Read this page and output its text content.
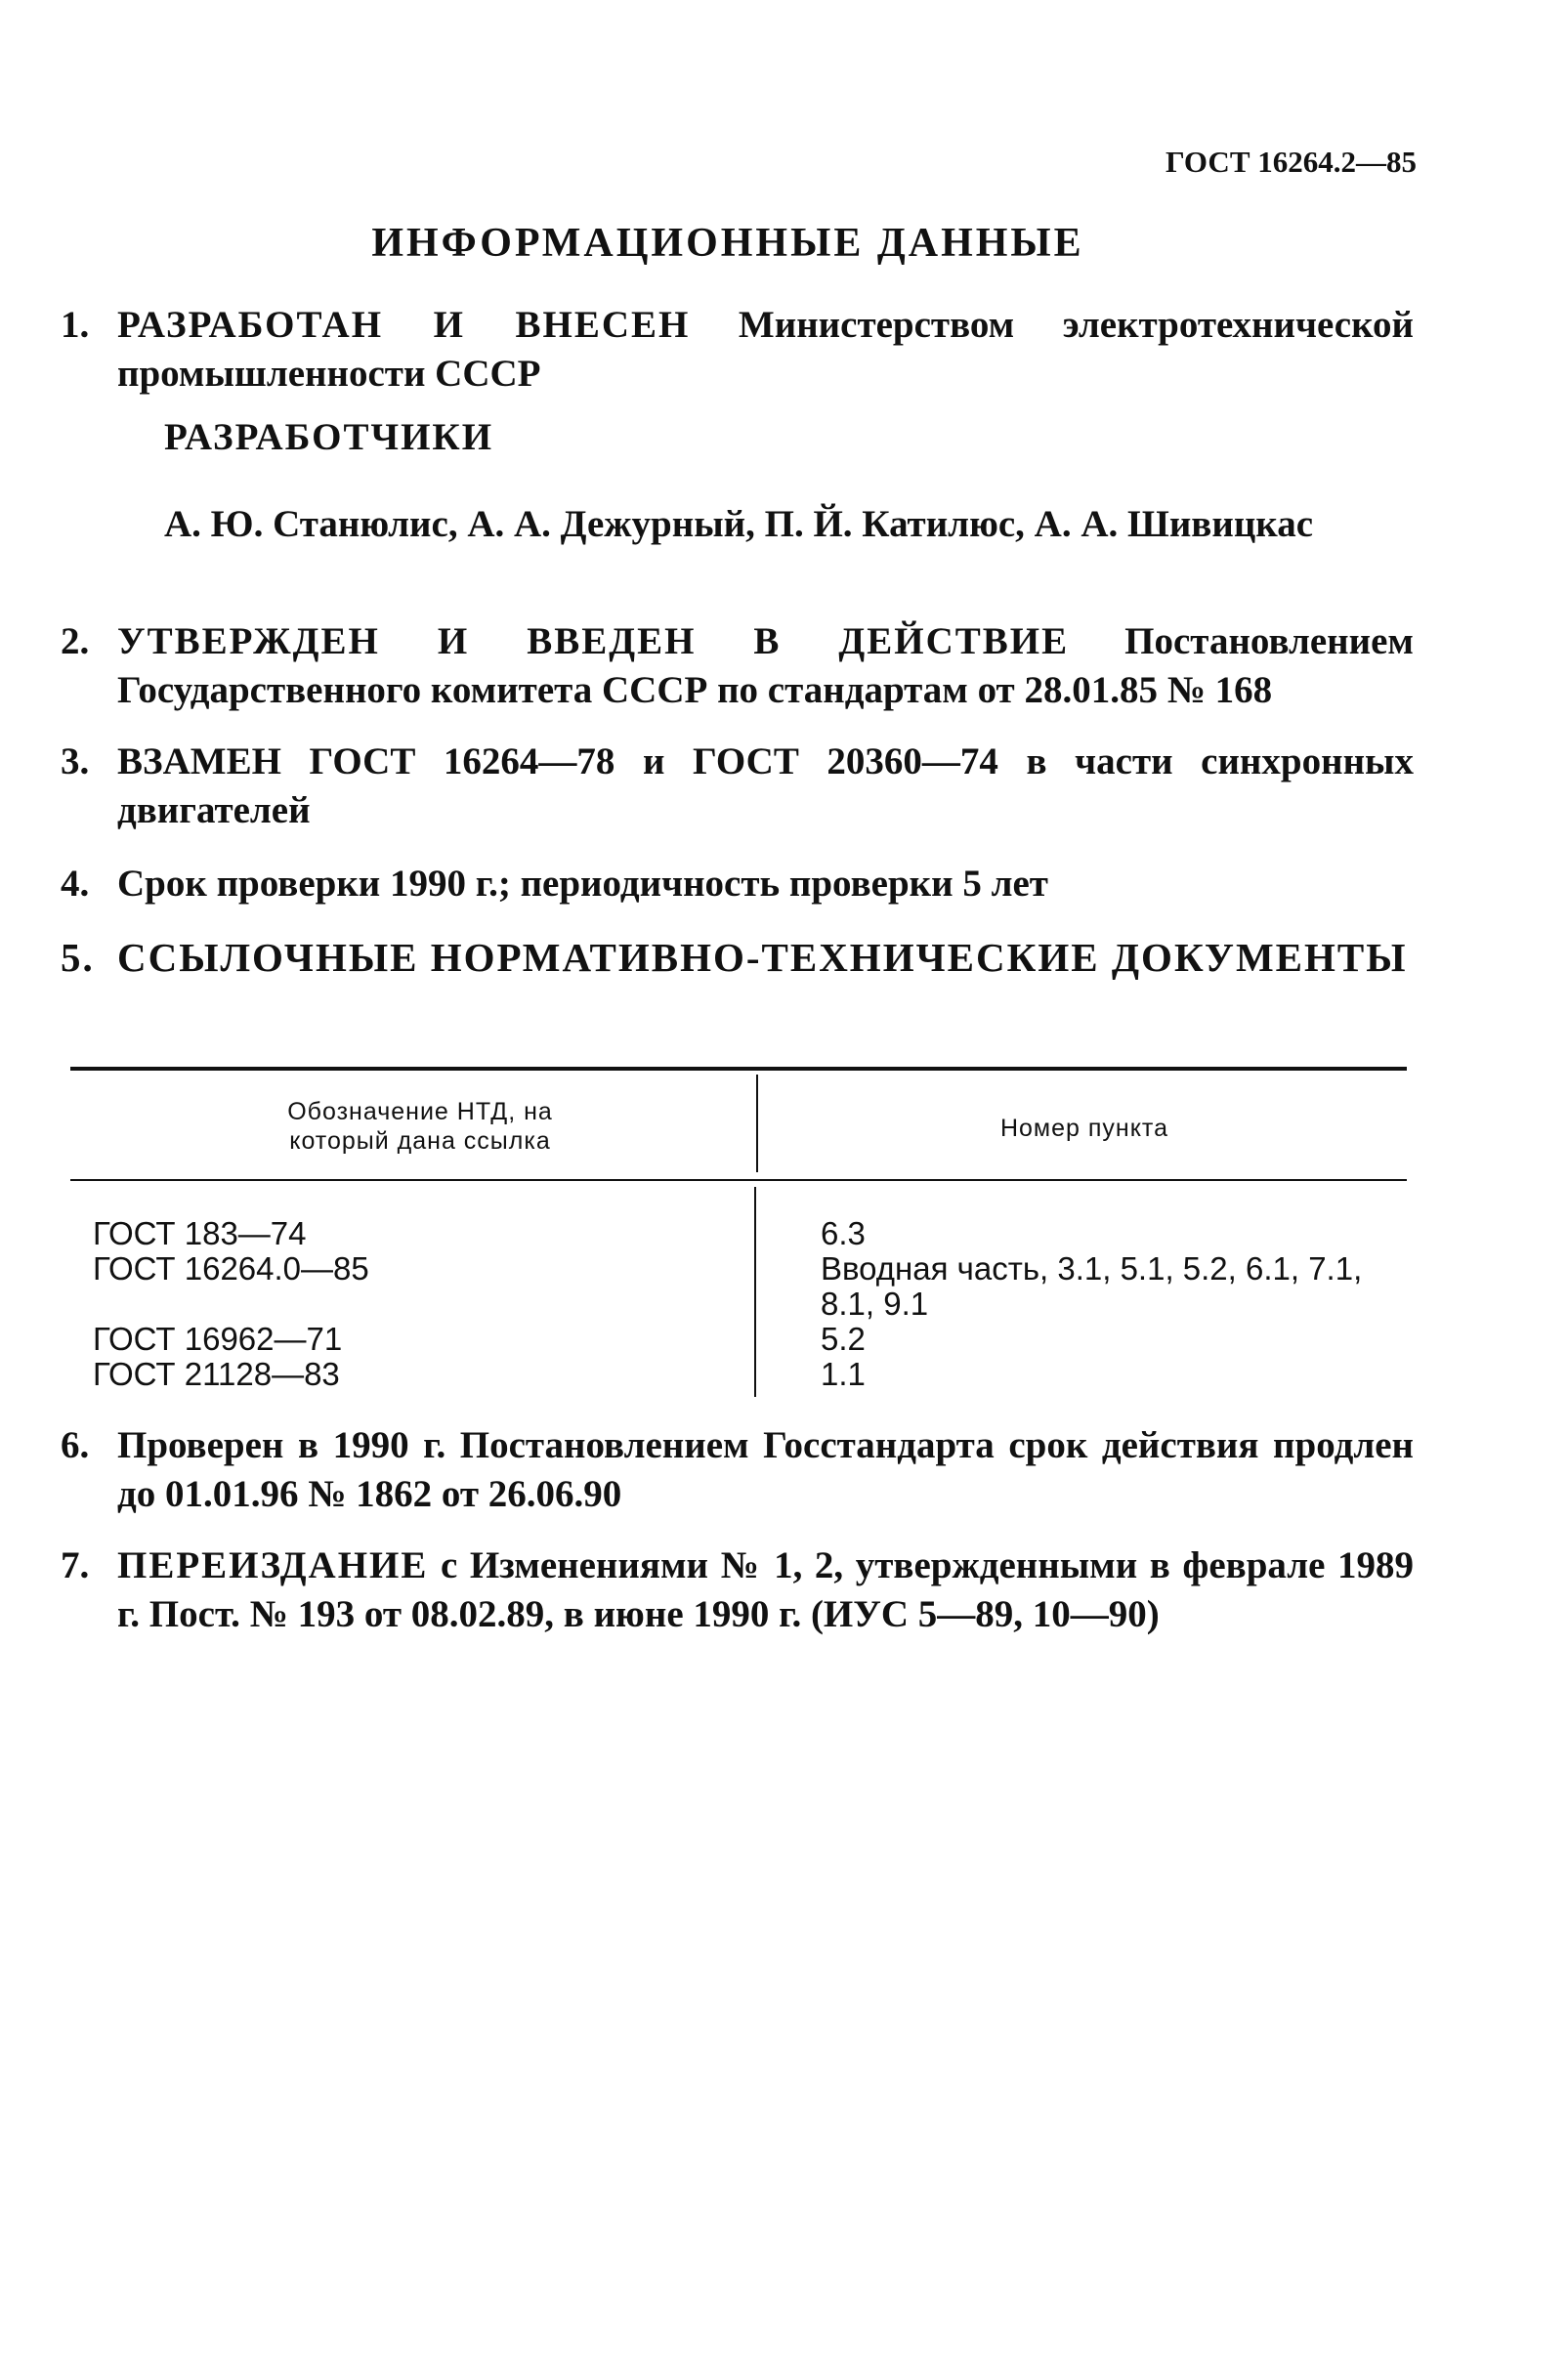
ГОСТ 16264.2—85
ИНФОРМАЦИОННЫЕ ДАННЫЕ
1. РАЗРАБОТАН И ВНЕСЕН Министерством электротехнической промышленности СССР
РАЗРАБОТЧИКИ
А. Ю. Станюлис, А. А. Дежурный, П. Й. Катилюс, А. А. Шивицкас
2. УТВЕРЖДЕН И ВВЕДЕН В ДЕЙСТВИЕ Постановлением Государственного комитета СССР по стандартам от 28.01.85 № 168
3. ВЗАМЕН ГОСТ 16264—78 и ГОСТ 20360—74 в части синхронных двигателей
4. Срок проверки 1990 г.; периодичность проверки 5 лет
5. ССЫЛОЧНЫЕ НОРМАТИВНО-ТЕХНИЧЕСКИЕ ДОКУМЕНТЫ
Обозначение НТД, на
который дана ссылка	Номер пункта
ГОСТ 183—74
ГОСТ 16264.0—85
ГОСТ 16962—71
ГОСТ 21128—83
6.3
Вводная часть, 3.1, 5.1, 5.2, 6.1, 7.1, 8.1, 9.1
5.2
1.1
6. Проверен в 1990 г. Постановлением Госстандарта срок действия продлен до 01.01.96 № 1862 от 26.06.90
7. ПЕРЕИЗДАНИЕ с Изменениями № 1, 2, утвержденными в феврале 1989 г. Пост. № 193 от 08.02.89, в июне 1990 г. (ИУС 5—89, 10—90)
